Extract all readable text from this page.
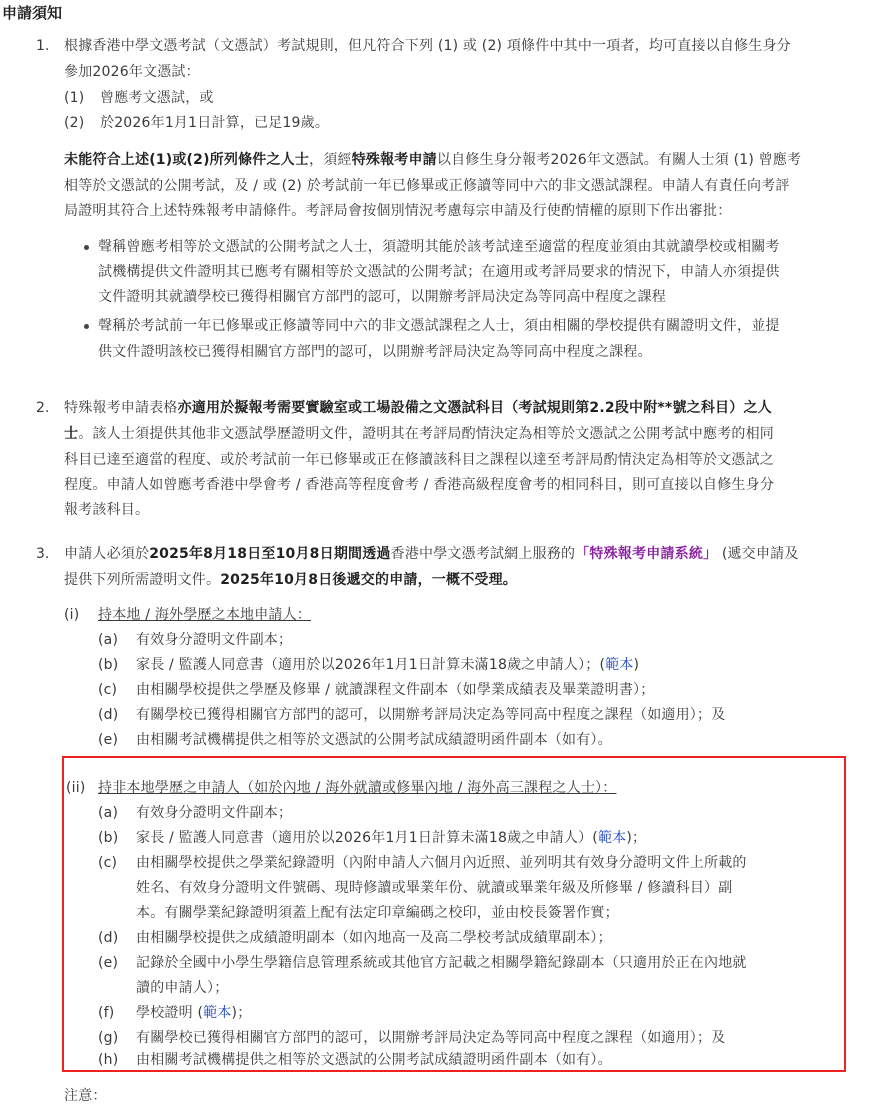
申請須知
1. 根據香港中學文憑考試（文憑試）考試規則，但凡符合下列 (1) 或 (2) 項條件中其中一項者，均可直接以自修生身分
參加2026年文憑試：
(1) 曾應考文憑試，或
(2) 於2026年1月1日計算，已足19歲。
未能符合上述(1)或(2)所列條件之人士，須經特殊報考申請以自修生身分報考2026年文憑試。有關人士須 (1) 曾應考
相等於文憑試的公開考試，及 / 或 (2) 於考試前一年已修畢或正修讀等同中六的非文憑試課程。申請人有責任向考評
局證明其符合上述特殊報考申請條件。考評局會按個別情況考慮每宗申請及行使酌情權的原則下作出審批：
聲稱曾應考相等於文憑試的公開考試之人士，須證明其能於該考試達至適當的程度並須由其就讀學校或相關考
試機構提供文件證明其已應考有關相等於文憑試的公開考試；在適用或考評局要求的情況下，申請人亦須提供
文件證明其就讀學校已獲得相關官方部門的認可，以開辦考評局決定為等同高中程度之課程
聲稱於考試前一年已修畢或正修讀等同中六的非文憑試課程之人士，須由相關的學校提供有關證明文件，並提
供文件證明該校已獲得相關官方部門的認可，以開辦考評局決定為等同高中程度之課程。
2. 特殊報考申請表格亦適用於擬報考需要實驗室或工場設備之文憑試科目（考試規則第2.2段中附**號之科目）之人
士。該人士須提供其他非文憑試學歷證明文件，證明其在考評局酌情決定為相等於文憑試之公開考試中應考的相同
科目已達至適當的程度、或於考試前一年已修畢或正在修讀該科目之課程以達至考評局酌情決定為相等於文憑試之
程度。申請人如曾應考香港中學會考 / 香港高等程度會考 / 香港高級程度會考的相同科目，則可直接以自修生身分
報考該科目。
3. 申請人必須於2025年8月18日至10月8日期間透過香港中學文憑考試網上服務的「特殊報考申請系統」 (遞交申請及
提供下列所需證明文件。2025年10月8日後遞交的申請，一概不受理。
(i) 持本地 / 海外學歷之本地申請人：
(a) 有效身分證明文件副本；
(b) 家長 / 監護人同意書（適用於以2026年1月1日計算未滿18歲之申請人）；(範本)
(c) 由相關學校提供之學歷及修畢 / 就讀課程文件副本（如學業成績表及畢業證明書）；
(d) 有關學校已獲得相關官方部門的認可，以開辦考評局決定為等同高中程度之課程（如適用）；及
(e) 由相關考試機構提供之相等於文憑試的公開考試成績證明函件副本（如有）。
(ii) 持非本地學歷之申請人（如於內地 / 海外就讀或修畢內地 / 海外高三課程之人士）：
(a) 有效身分證明文件副本；
(b) 家長 / 監護人同意書（適用於以2026年1月1日計算未滿18歲之申請人）(範本)；
(c) 由相關學校提供之學業紀錄證明（內附申請人六個月內近照、並列明其有效身分證明文件上所載的
姓名、有效身分證明文件號碼、現時修讀或畢業年份、就讀或畢業年級及所修畢 / 修讀科目）副
本。有關學業紀錄證明須蓋上配有法定印章編碼之校印，並由校長簽署作實；
(d) 由相關學校提供之成績證明副本（如內地高一及高二學校考試成績單副本）；
(e) 記錄於全國中小學生學籍信息管理系統或其他官方記載之相關學籍紀錄副本（只適用於正在內地就
讀的申請人）；
(f) 學校證明 (範本)；
(g) 有關學校已獲得相關官方部門的認可，以開辦考評局決定為等同高中程度之課程（如適用）；及
(h) 由相關考試機構提供之相等於文憑試的公開考試成績證明函件副本（如有）。
注意：
